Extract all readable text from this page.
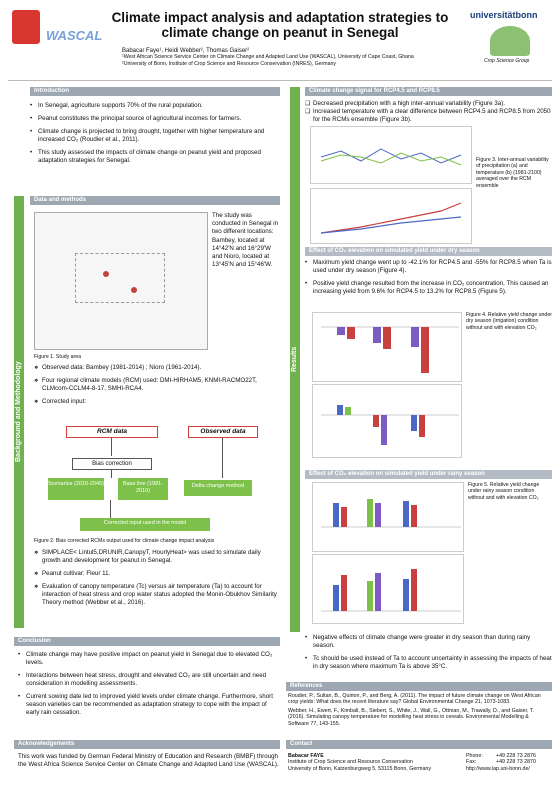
WASCAL
Climate impact analysis and adaptation strategies to
climate change on peanut in Senegal
universitätbonn
Crop Science Group
Babacar Faye¹, Heidi Webber², Thomas Gaiser²
¹West African Science Service Center on Climate Change and Adapted Land Use (WASCAL), University of Cape Coast, Ghana
²University of Bonn, Institute of Crop Science and Resource Conservation (INRES), Germany
Background and Methodology
Introduction
• In Senegal, agriculture supports 70% of the rural population.
• Peanut constitutes the principal source of agricultural incomes for farmers.
• Climate change is projected to bring drought, together with higher temperature and increased CO₂ (Roudier et al., 2011).
• This study assessed the impacts of climate change on peanut yield and proposed adaptation strategies for Senegal.
Data and methods
The study was conducted in Senegal in two different locations: Bambey, located at 14°42'N and 16°29'W and Nioro, located at 13°45'N and 15°46'W.
Figure 1. Study area
❖ Observed data: Bambey (1981-2014) ; Nioro (1961-2014).
❖ Four regional climate models (RCM) used: DMI-HIRHAM5, KNMI-RACMO22T, CLMcom-CCLM4-8-17, SMHI-RCA4.
❖ Corrected input:
RCM data	Observed data
Bias correction
Scenarios (2016-2045)	Base line (1981-2010)
Delta change method
Corrected input used in the model
Figure 2. Bias corrected RCMs output used for climate change impact analysis
❖ SIMPLACE< Lintul5,DRUNIR,CanopyT, HourlyHeat> was used to simulate daily growth and development for peanut in Senegal.
❖ Peanut cultivar: Fleur 11.
❖ Evaluation of canopy temperature (Tc) versus air temperature (Ta) to account for interaction of heat stress and crop water status adopted the Monin-Obukhov Similarity Theory method (Webber et al., 2016).
Results
Climate change signal for RCP4.5 and RCP8.5
❑ Decreased precipitation with a high inter-annual variability (Figure 3a).
❑ Increased temperature with a clear difference between RCP4.5 and RCP8.5 from 2050 for the RCMs ensemble (Figure 3b).
Figure 3. Inter-annual variability of precipitation (a) and temperature (b) (1981-2100) averaged over the RCM ensemble
Effect of CO₂ elevation on simulated yield under dry season
• Maximum yield change went up to -42.1% for RCP4.5 and -55% for RCP8.5 when Ta is used under dry season (Figure 4).
• Positive yield change resulted from the increase in CO₂ concentration. This caused an increasing yield from 9.6% for RCP4.5 to 13.2% for RCP8.5 (Figure 5).
Figure 4. Relative yield change under dry season (irrigation) condition without and with elevation CO₂
Effect of CO₂ elevation on simulated yield under rainy season
Figure 5. Relative yield change under rainy season condition without and with elevation CO₂
Conclusion
• Climate change may have positive impact on peanut yield in Senegal due to elevated CO₂ levels.
• Interactions between heat stress, drought and elevated CO₂ are still uncertain and need consideration in modelling assessments.
• Current sowing date led to improved yield levels under climate change. Furthermore, short season varieties can be recommended as adaptation strategy to cope with the impact of early rain cessation.
• Negative effects of climate change were greater in dry season than during rainy season.
• Tc should be used instead of Ta to account uncertainty in assessing the impacts of heat in dry season where maximum Ta is above 35°C.
Acknowledgements
This work was funded by German Federal Ministry of Education and Research (BMBF) through the West Africa Science Service Center on Climate Change and Adapted Land Use (WASCAL).
References
Roudier, P., Sultan, B., Quirion, P., and Berg, A. (2011). The impact of future climate change on West African crop yields: What does the recent literature say? Global Environmental Change 21, 1073-1083.
Webber, H., Ewert, F., Kimball, B., Siebert, S., White, J., Wall, G., Ottman, M., Trawally, D., and Gaiser, T. (2016). Simulating canopy temperature for modelling heat stress in cereals. Environmental Modelling & Software 77, 143-155.
Contact
Babacar FAYE
Institute of Crop Science and Resource Conservation
University of Bonn, Katzenburgweg 5, 53115 Bonn, Germany
Phone:
Fax:
+49 228 73 2876
+49 228 73 2870
http://www.lap.uni-bonn.de/
